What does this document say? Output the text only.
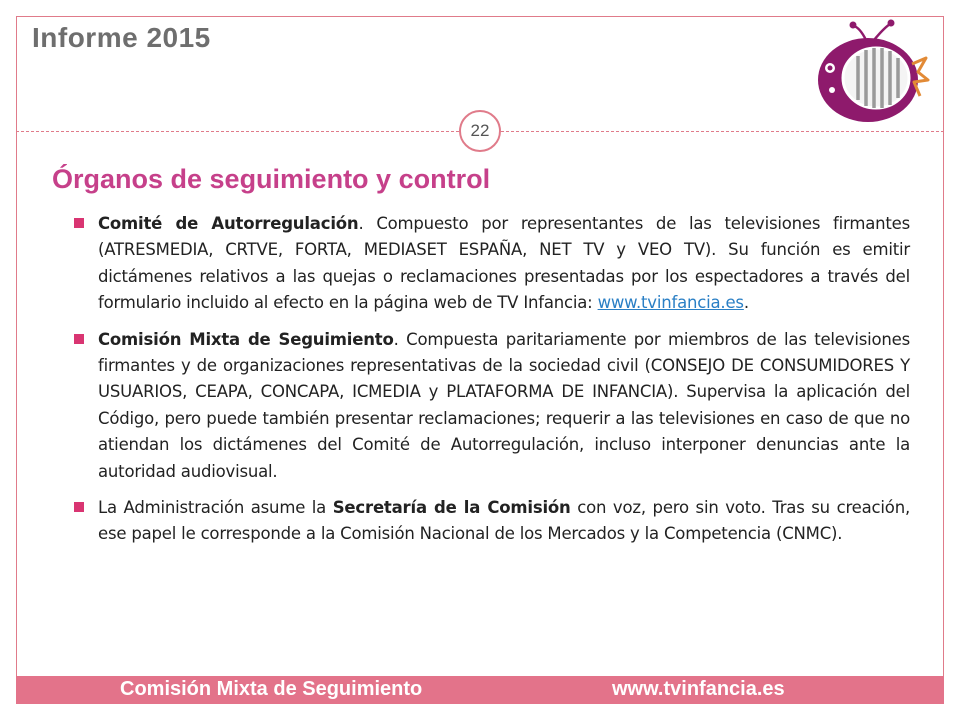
Informe 2015
22
Órganos de seguimiento y control
Comité de Autorregulación. Compuesto por representantes de las televisiones firmantes (ATRESMEDIA, CRTVE, FORTA, MEDIASET ESPAÑA, NET TV y VEO TV). Su función es emitir dictámenes relativos a las quejas o reclamaciones presentadas por los espectadores a través del formulario incluido al efecto en la página web de TV Infancia: www.tvinfancia.es.
Comisión Mixta de Seguimiento. Compuesta paritariamente por miembros de las televisiones firmantes y de organizaciones representativas de la sociedad civil (CONSEJO DE CONSUMIDORES Y USUARIOS, CEAPA, CONCAPA, ICMEDIA y PLATAFORMA DE INFANCIA). Supervisa la aplicación del Código, pero puede también presentar reclamaciones; requerir a las televisiones en caso de que no atiendan los dictámenes del Comité de Autorregulación, incluso interponer denuncias ante la autoridad audiovisual.
La Administración asume la Secretaría de la Comisión con voz, pero sin voto. Tras su creación, ese papel le corresponde a la Comisión Nacional de los Mercados y la Competencia (CNMC).
Comisión Mixta de Seguimiento	www.tvinfancia.es
